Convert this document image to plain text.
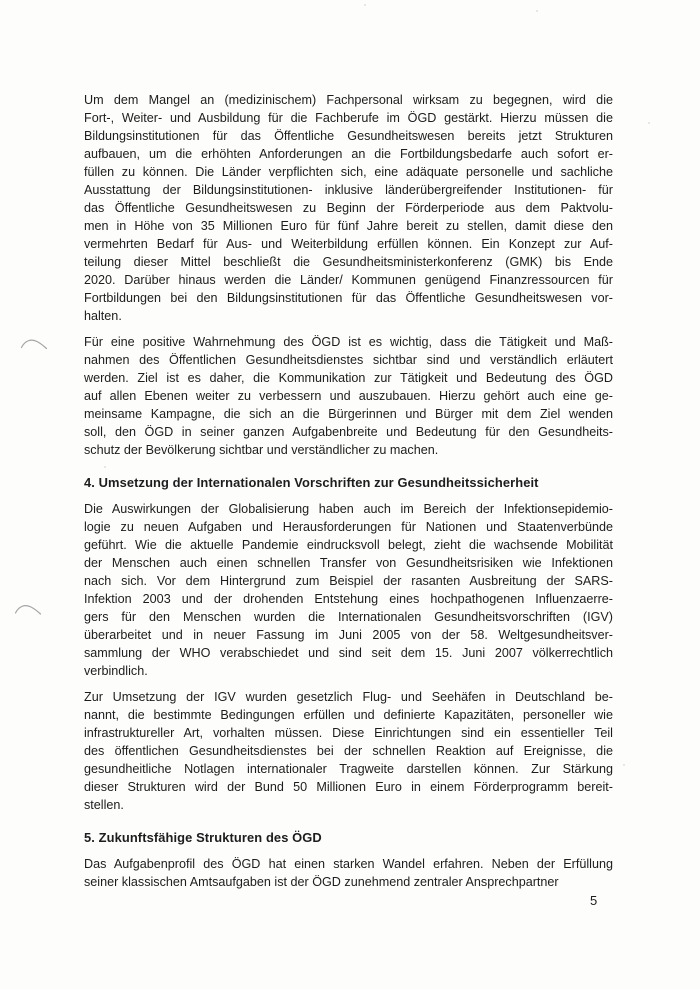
Um dem Mangel an (medizinischem) Fachpersonal wirksam zu begegnen, wird die
Fort-, Weiter- und Ausbildung für die Fachberufe im ÖGD gestärkt. Hierzu müssen die
Bildungsinstitutionen für das Öffentliche Gesundheitswesen bereits jetzt Strukturen
aufbauen, um die erhöhten Anforderungen an die Fortbildungsbedarfe auch sofort er-
füllen zu können. Die Länder verpflichten sich, eine adäquate personelle und sachliche
Ausstattung der Bildungsinstitutionen- inklusive länderübergreifender Institutionen- für
das Öffentliche Gesundheitswesen zu Beginn der Förderperiode aus dem Paktvolu-
men in Höhe von 35 Millionen Euro für fünf Jahre bereit zu stellen, damit diese den
vermehrten Bedarf für Aus- und Weiterbildung erfüllen können. Ein Konzept zur Auf-
teilung dieser Mittel beschließt die Gesundheitsministerkonferenz (GMK) bis Ende
2020. Darüber hinaus werden die Länder/ Kommunen genügend Finanzressourcen für
Fortbildungen bei den Bildungsinstitutionen für das Öffentliche Gesundheitswesen vor-
halten.
Für eine positive Wahrnehmung des ÖGD ist es wichtig, dass die Tätigkeit und Maß-
nahmen des Öffentlichen Gesundheitsdienstes sichtbar sind und verständlich erläutert
werden. Ziel ist es daher, die Kommunikation zur Tätigkeit und Bedeutung des ÖGD
auf allen Ebenen weiter zu verbessern und auszubauen. Hierzu gehört auch eine ge-
meinsame Kampagne, die sich an die Bürgerinnen und Bürger mit dem Ziel wenden
soll, den ÖGD in seiner ganzen Aufgabenbreite und Bedeutung für den Gesundheits-
schutz der Bevölkerung sichtbar und verständlicher zu machen.
4. Umsetzung der Internationalen Vorschriften zur Gesundheitssicherheit
Die Auswirkungen der Globalisierung haben auch im Bereich der Infektionsepidemio-
logie zu neuen Aufgaben und Herausforderungen für Nationen und Staatenverbünde
geführt. Wie die aktuelle Pandemie eindrucksvoll belegt, zieht die wachsende Mobilität
der Menschen auch einen schnellen Transfer von Gesundheitsrisiken wie Infektionen
nach sich. Vor dem Hintergrund zum Beispiel der rasanten Ausbreitung der SARS-
Infektion 2003 und der drohenden Entstehung eines hochpathogenen Influenzaerre-
gers für den Menschen wurden die Internationalen Gesundheitsvorschriften (IGV)
überarbeitet und in neuer Fassung im Juni 2005 von der 58. Weltgesundheitsver-
sammlung der WHO verabschiedet und sind seit dem 15. Juni 2007 völkerrechtlich
verbindlich.
Zur Umsetzung der IGV wurden gesetzlich Flug- und Seehäfen in Deutschland be-
nannt, die bestimmte Bedingungen erfüllen und definierte Kapazitäten, personeller wie
infrastruktureller Art, vorhalten müssen. Diese Einrichtungen sind ein essentieller Teil
des öffentlichen Gesundheitsdienstes bei der schnellen Reaktion auf Ereignisse, die
gesundheitliche Notlagen internationaler Tragweite darstellen können. Zur Stärkung
dieser Strukturen wird der Bund 50 Millionen Euro in einem Förderprogramm bereit-
stellen.
5. Zukunftsfähige Strukturen des ÖGD
Das Aufgabenprofil des ÖGD hat einen starken Wandel erfahren. Neben der Erfüllung
seiner klassischen Amtsaufgaben ist der ÖGD zunehmend zentraler Ansprechpartner
5
